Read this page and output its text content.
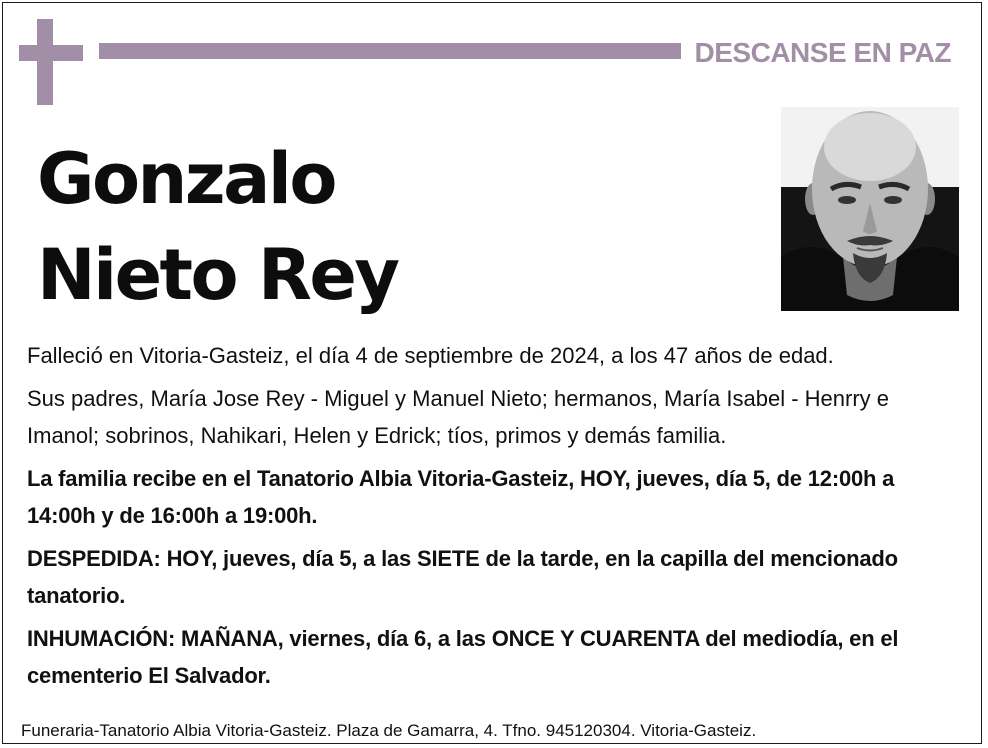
DESCANSE EN PAZ
Gonzalo
Nieto Rey

Falleció en Vitoria-Gasteiz, el día 4 de septiembre de 2024, a los 47 años de edad.

Sus padres, María Jose Rey - Miguel y Manuel Nieto; hermanos, María Isabel - Henrry e Imanol; sobrinos, Nahikari, Helen y Edrick; tíos, primos y demás familia.

La familia recibe en el Tanatorio Albia Vitoria-Gasteiz, HOY, jueves, día 5, de 12:00h a 14:00h y de 16:00h a 19:00h.

DESPEDIDA: HOY, jueves, día 5, a las SIETE de la tarde, en la capilla del mencionado tanatorio.

INHUMACIÓN: MAÑANA, viernes, día 6, a las ONCE Y CUARENTA del mediodía, en el cementerio El Salvador.

Funeraria-Tanatorio Albia Vitoria-Gasteiz. Plaza de Gamarra, 4. Tfno. 945120304. Vitoria-Gasteiz.
